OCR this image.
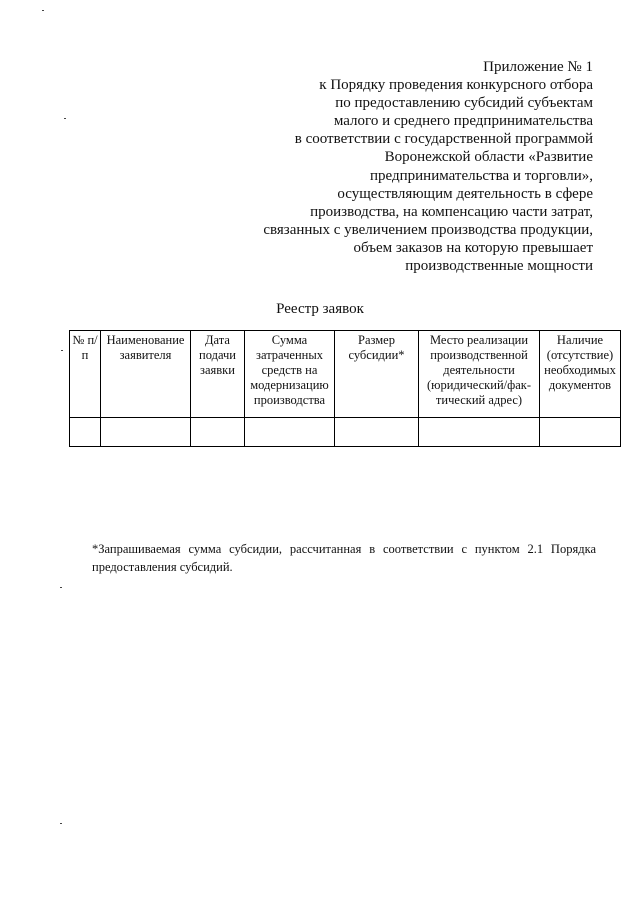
Приложение № 1
к Порядку проведения конкурсного отбора
по предоставлению субсидий субъектам
малого и среднего предпринимательства
в соответствии с государственной программой
Воронежской области «Развитие
предпринимательства и торговли»,
осуществляющим деятельность в сфере
производства, на компенсацию части затрат,
связанных с увеличением производства продукции,
объем заказов на которую превышает
производственные мощности
Реестр заявок
№ п/п	Наименование заявителя	Дата подачи заявки	Сумма затраченных средств на модернизацию производства	Размер субсидии*	Место реализации производственной деятельности (юридический/фак-тический адрес)	Наличие (отсутствие) необходимых документов

*Запрашиваемая сумма субсидии, рассчитанная в соответствии с пунктом 2.1 Порядка предоставления субсидий.
